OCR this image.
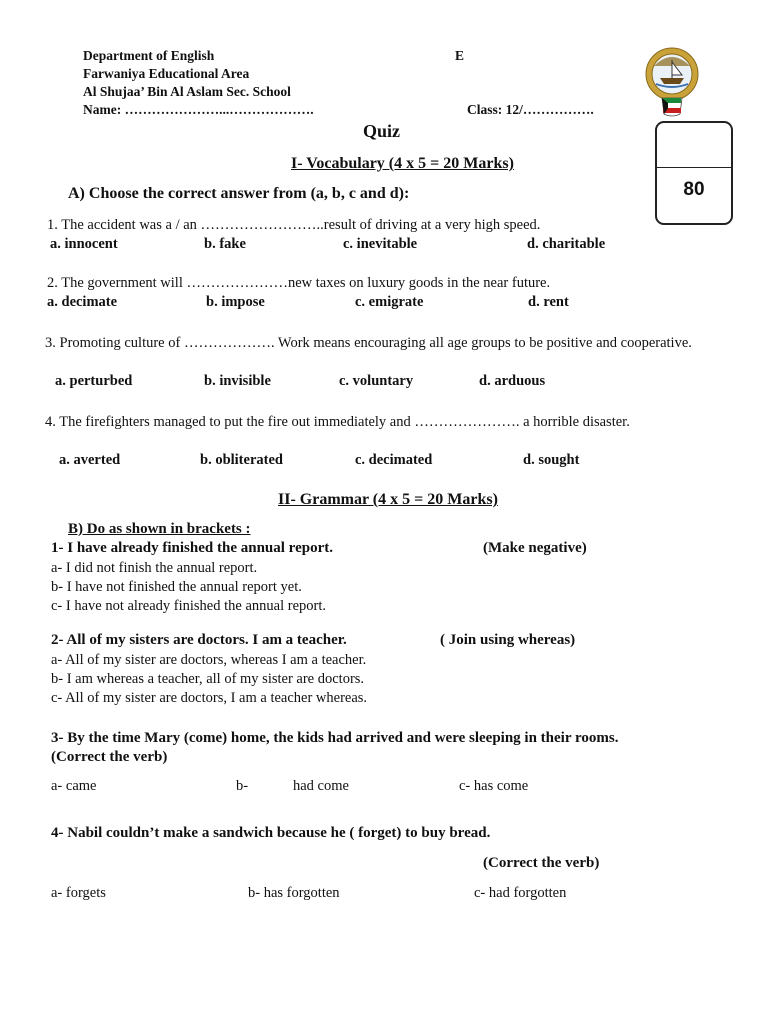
Department of English
Farwaniya Educational Area
Al Shujaa’ Bin Al Aslam Sec. School
Name: …………………...……………….
E
Class: 12/…………….
80
Quiz
I- Vocabulary (4 x 5 = 20 Marks)
A) Choose the correct answer from (a, b, c and d):
1. The accident was a / an ……………………..result of driving at a very high speed.
a. innocent	b. fake	c. inevitable	d. charitable
2. The government will …………………new taxes on luxury goods in the near future.
a. decimate	b. impose	c. emigrate	d. rent
3. Promoting culture of ………………. Work means encouraging all age groups to be positive and cooperative.
a. perturbed	b. invisible	c. voluntary	d. arduous
4. The firefighters managed to put the fire out immediately and …………………. a horrible disaster.
a. averted	b. obliterated	c. decimated	d. sought
II- Grammar (4 x 5 = 20 Marks)
B) Do as shown in brackets :
1- I have already finished the annual report.	(Make negative)
a- I did not finish the annual report.
b- I have not finished the annual report yet.
c- I have not already finished the annual report.
2- All of my sisters are doctors. I am a teacher.	( Join using whereas)
a- All of my sister are doctors, whereas I am a teacher.
b- I am whereas a teacher, all of my sister are doctors.
c- All of my sister are doctors, I am a teacher whereas.
3- By the time Mary (come) home, the kids had arrived and were sleeping in their rooms.
(Correct the verb)
a- came	b-	had come	c- has come
4- Nabil couldn’t make a sandwich because he ( forget) to buy bread.
(Correct the verb)
a- forgets	b- has forgotten	c- had forgotten
